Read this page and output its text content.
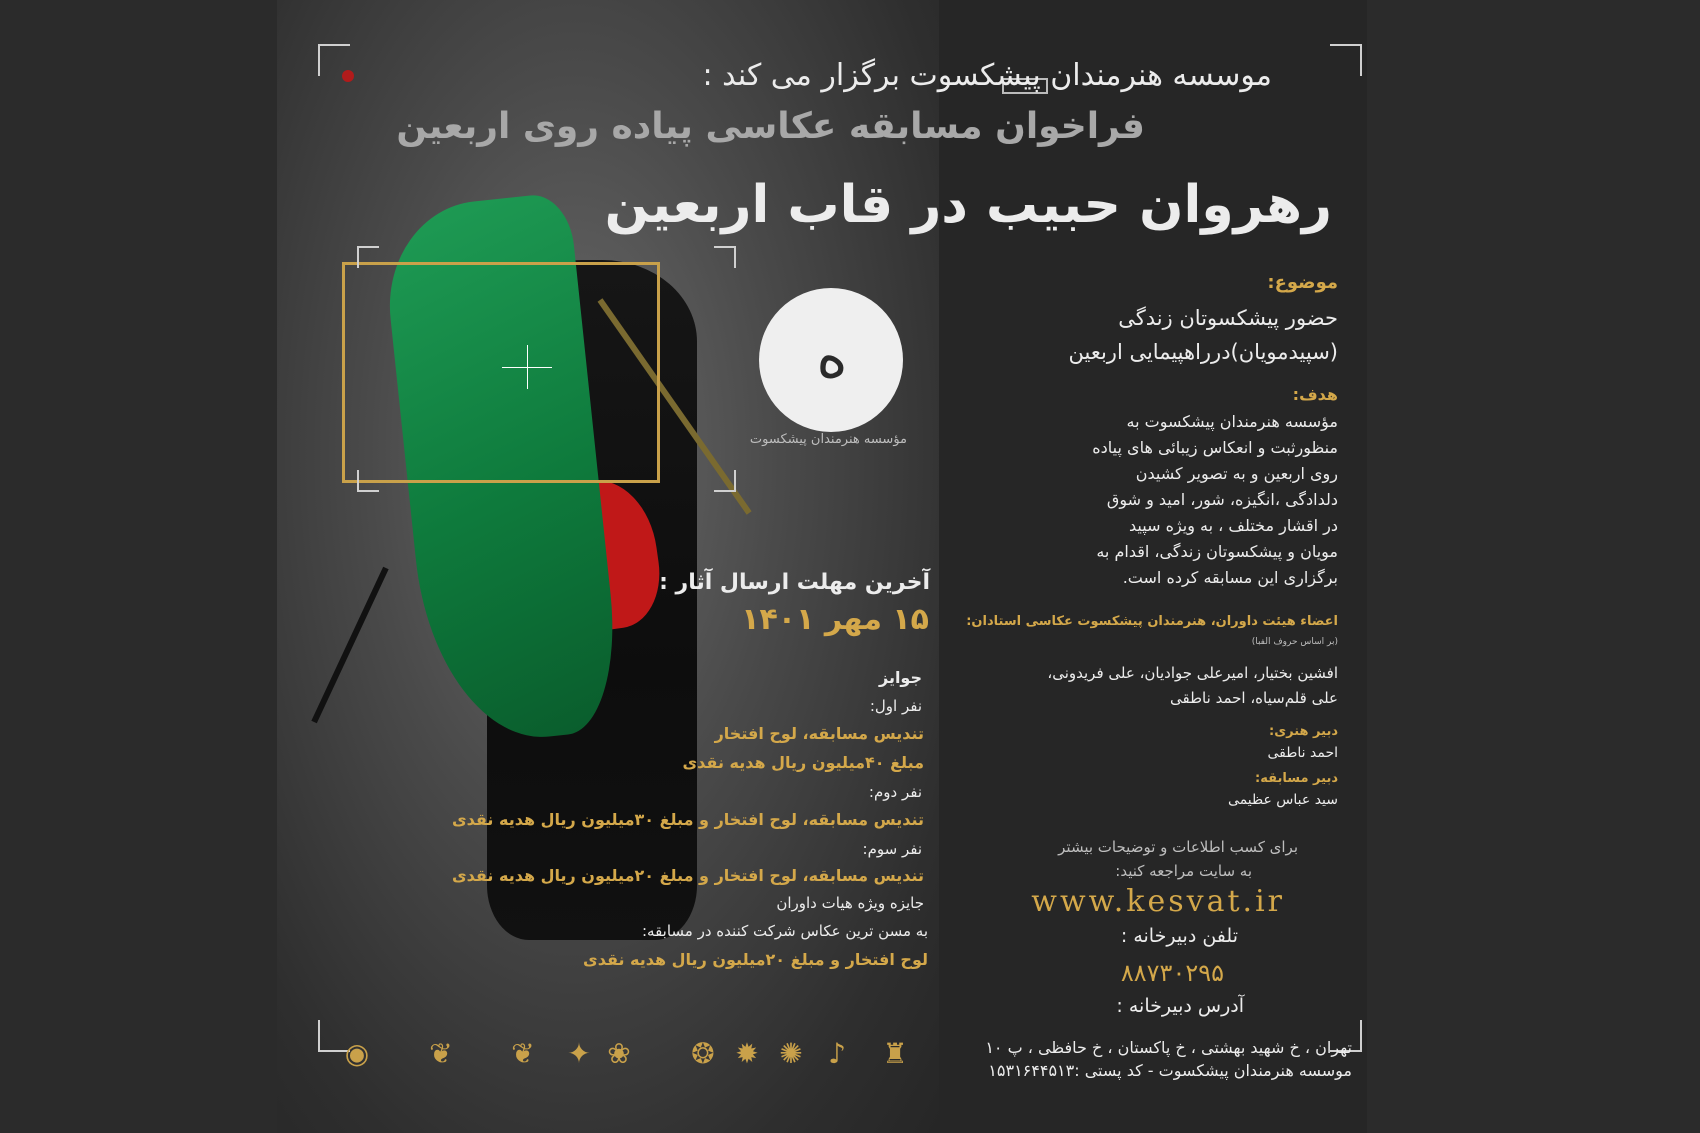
ه
موسسه هنرمندان پیشکسوت برگزار می کند :
فراخوان مسابقه عکاسی پیاده روی اربعین
رهروان حبیب در قاب اربعین
مؤسسه هنرمندان پیشکسوت
موضوع:
حضور پیشکسوتان زندگی
(سپیدمویان)درراهپیمایی اربعین
هدف:
مؤسسه هنرمندان پیشکسوت به
منظورثبت و انعکاس زیبائی های پیاده
روی اربعین و به تصویر کشیدن
دلدادگی ،انگیزه، شور، امید و شوق
در اقشار مختلف ، به ویژه سپید
مویان و پیشکسوتان زندگی، اقدام به
برگزاری این مسابقه کرده است.
اعضاء هیئت داوران، هنرمندان پیشکسوت عکاسی استادان:
(بر اساس حروف الفبا)
افشین بختیار، امیرعلی جوادیان، علی فریدونی،
علی قلم‌سیاه، احمد ناطقی
دبیر هنری:
احمد ناطقی
دبیر مسابقه:
سید عباس عظیمی
برای کسب اطلاعات و توضیحات بیشتر
به سایت مراجعه کنید:
www.kesvat.ir
تلفن دبیرخانه :
۸۸۷۳۰۲۹۵
آدرس دبیرخانه :
تهران ، خ شهید بهشتی ، خ پاکستان ، خ حافظی ، پ ۱۰
موسسه هنرمندان پیشکسوت - کد پستی :۱۵۳۱۶۴۴۵۱۳
آخرین مهلت ارسال آثار :
۱۵ مهر ۱۴۰۱
جوایز
نفر اول:
تندیس مسابقه، لوح افتخار
مبلغ ۴۰میلیون ریال هدیه نقدی
نفر دوم:
تندیس مسابقه، لوح افتخار و مبلغ ۳۰میلیون ریال هدیه نقدی
نفر سوم:
تندیس مسابقه، لوح افتخار و مبلغ ۲۰میلیون ریال هدیه نقدی
جایزه ویژه هیات داوران
به مسن ترین عکاس شرکت کننده در مسابقه:
لوح افتخار و مبلغ ۲۰میلیون ریال هدیه نقدی
◉	❦	❦	✦ ❀	❂ ✹ ✺ ♪	♜
